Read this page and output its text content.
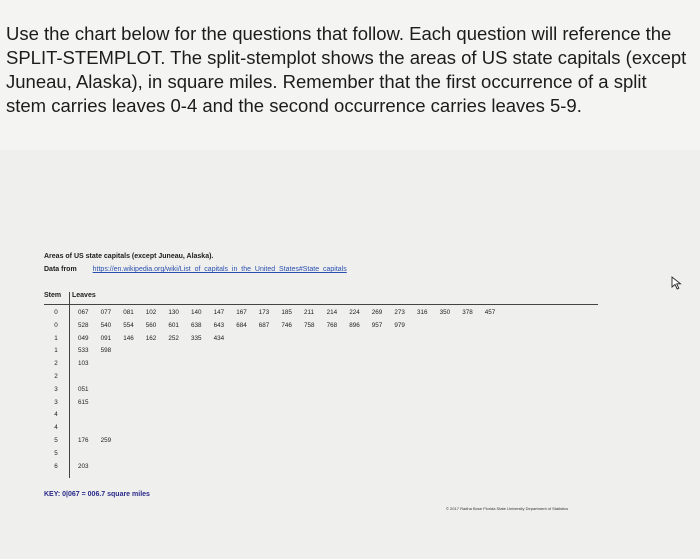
Use the chart below for the questions that follow. Each question will reference the SPLIT-STEMPLOT. The split-stemplot shows the areas of US state capitals (except Juneau, Alaska), in square miles. Remember that the first occurrence of a split stem carries leaves 0-4 and the second occurrence carries leaves 5-9.

Areas of US state capitals (except Juneau, Alaska).
Data from https://en.wikipedia.org/wiki/List_of_capitals_in_the_United_States#State_capitals
Stem Leaves
0	067	077	081	102	130	140	147	167	173	185	211	214	224	269	273	316	350	378	457
0	528	540	554	560	601	638	643	684	687	746	758	768	896	957	979
1	049	091	146	162	252	335	434
1	533	598
2	103
2
3	051
3	615
4
4
5	176	259
5
6	203
KEY: 0|067 = 006.7 square miles
© 2017 Radha Bose Florida State University Department of Statistics
